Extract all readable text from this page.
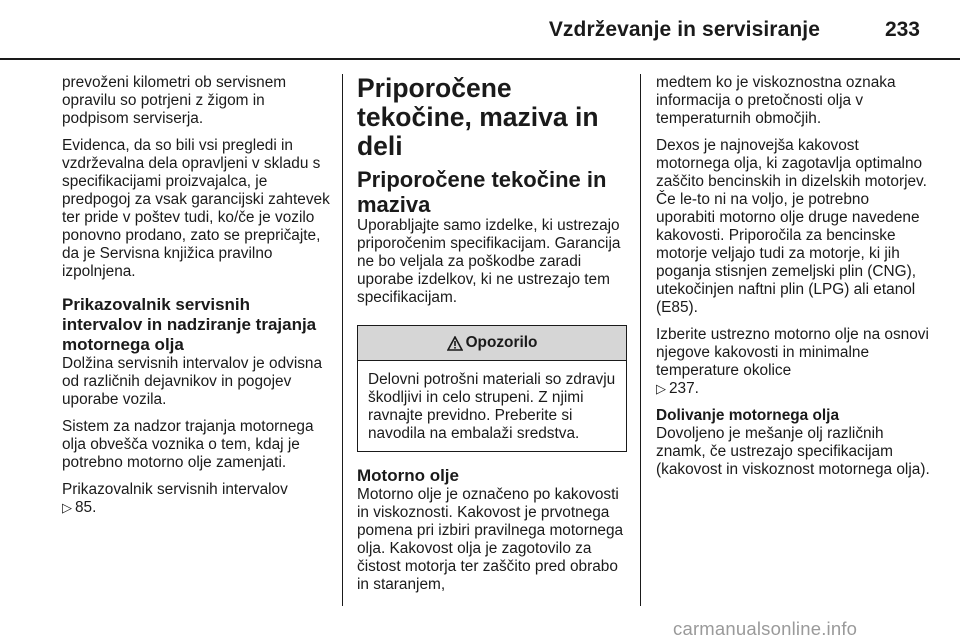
Vzdrževanje in servisiranje	233

prevoženi kilometri ob servisnem opravilu so potrjeni z žigom in podpisom serviserja.

Evidenca, da so bili vsi pregledi in vzdrževalna dela opravljeni v skladu s specifikacijami proizvajalca, je predpogoj za vsak garancijski zahtevek ter pride v poštev tudi, ko/če je vozilo ponovno prodano, zato se prepričajte, da je Servisna knjižica pravilno izpolnjena.

Prikazovalnik servisnih intervalov in nadziranje trajanja motornega olja

Dolžina servisnih intervalov je odvisna od različnih dejavnikov in pogojev uporabe vozila.

Sistem za nadzor trajanja motornega olja obvešča voznika o tem, kdaj je potrebno motorno olje zamenjati.

Prikazovalnik servisnih intervalov

▷ 85.

Priporočene tekočine, maziva in deli
Priporočene tekočine in maziva

Uporabljajte samo izdelke, ki ustrezajo priporočenim specifikacijam. Garancija ne bo veljala za poškodbe zaradi uporabe izdelkov, ki ne ustrezajo tem specifikacijam.

Opozorilo
Delovni potrošni materiali so zdravju škodljivi in celo strupeni. Z njimi ravnajte previdno. Preberite si navodila na embalaži sredstva.
Motorno olje

Motorno olje je označeno po kakovosti in viskoznosti. Kakovost je prvotnega pomena pri izbiri pravilnega motornega olja. Kakovost olja je zagotovilo za čistost motorja ter zaščito pred obrabo in staranjem,

medtem ko je viskoznostna oznaka informacija o pretočnosti olja v temperaturnih območjih.

Dexos je najnovejša kakovost motornega olja, ki zagotavlja optimalno zaščito bencinskih in dizelskih motorjev. Če le-to ni na voljo, je potrebno uporabiti motorno olje druge navedene kakovosti. Priporočila za bencinske motorje veljajo tudi za motorje, ki jih poganja stisnjen zemeljski plin (CNG), utekočinjen naftni plin (LPG) ali etanol (E85).

Izberite ustrezno motorno olje na osnovi njegove kakovosti in minimalne temperature okolice

▷ 237.

Dolivanje motornega olja

Dovoljeno je mešanje olj različnih znamk, če ustrezajo specifikacijam (kakovost in viskoznost motornega olja).

carmanualsonline.info
